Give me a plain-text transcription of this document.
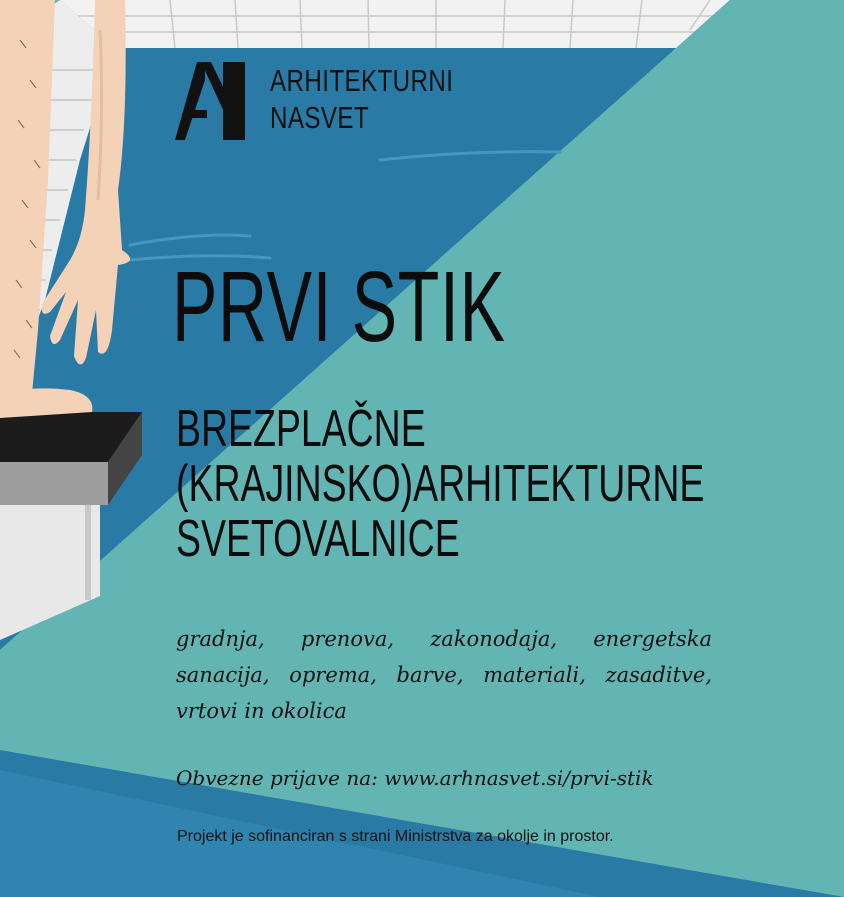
ARHITEKTURNI
NASVET
PRVI STIK
BREZPLAČNE
(KRAJINSKO)ARHITEKTURNE
SVETOVALNICE
gradnja, prenova, zakonodaja, energetska sanacija, oprema, barve, materiali, zasaditve, vrtovi in okolica
Obvezne prijave na: www.arhnasvet.si/prvi-stik
Projekt je sofinanciran s strani Ministrstva za okolje in prostor.
